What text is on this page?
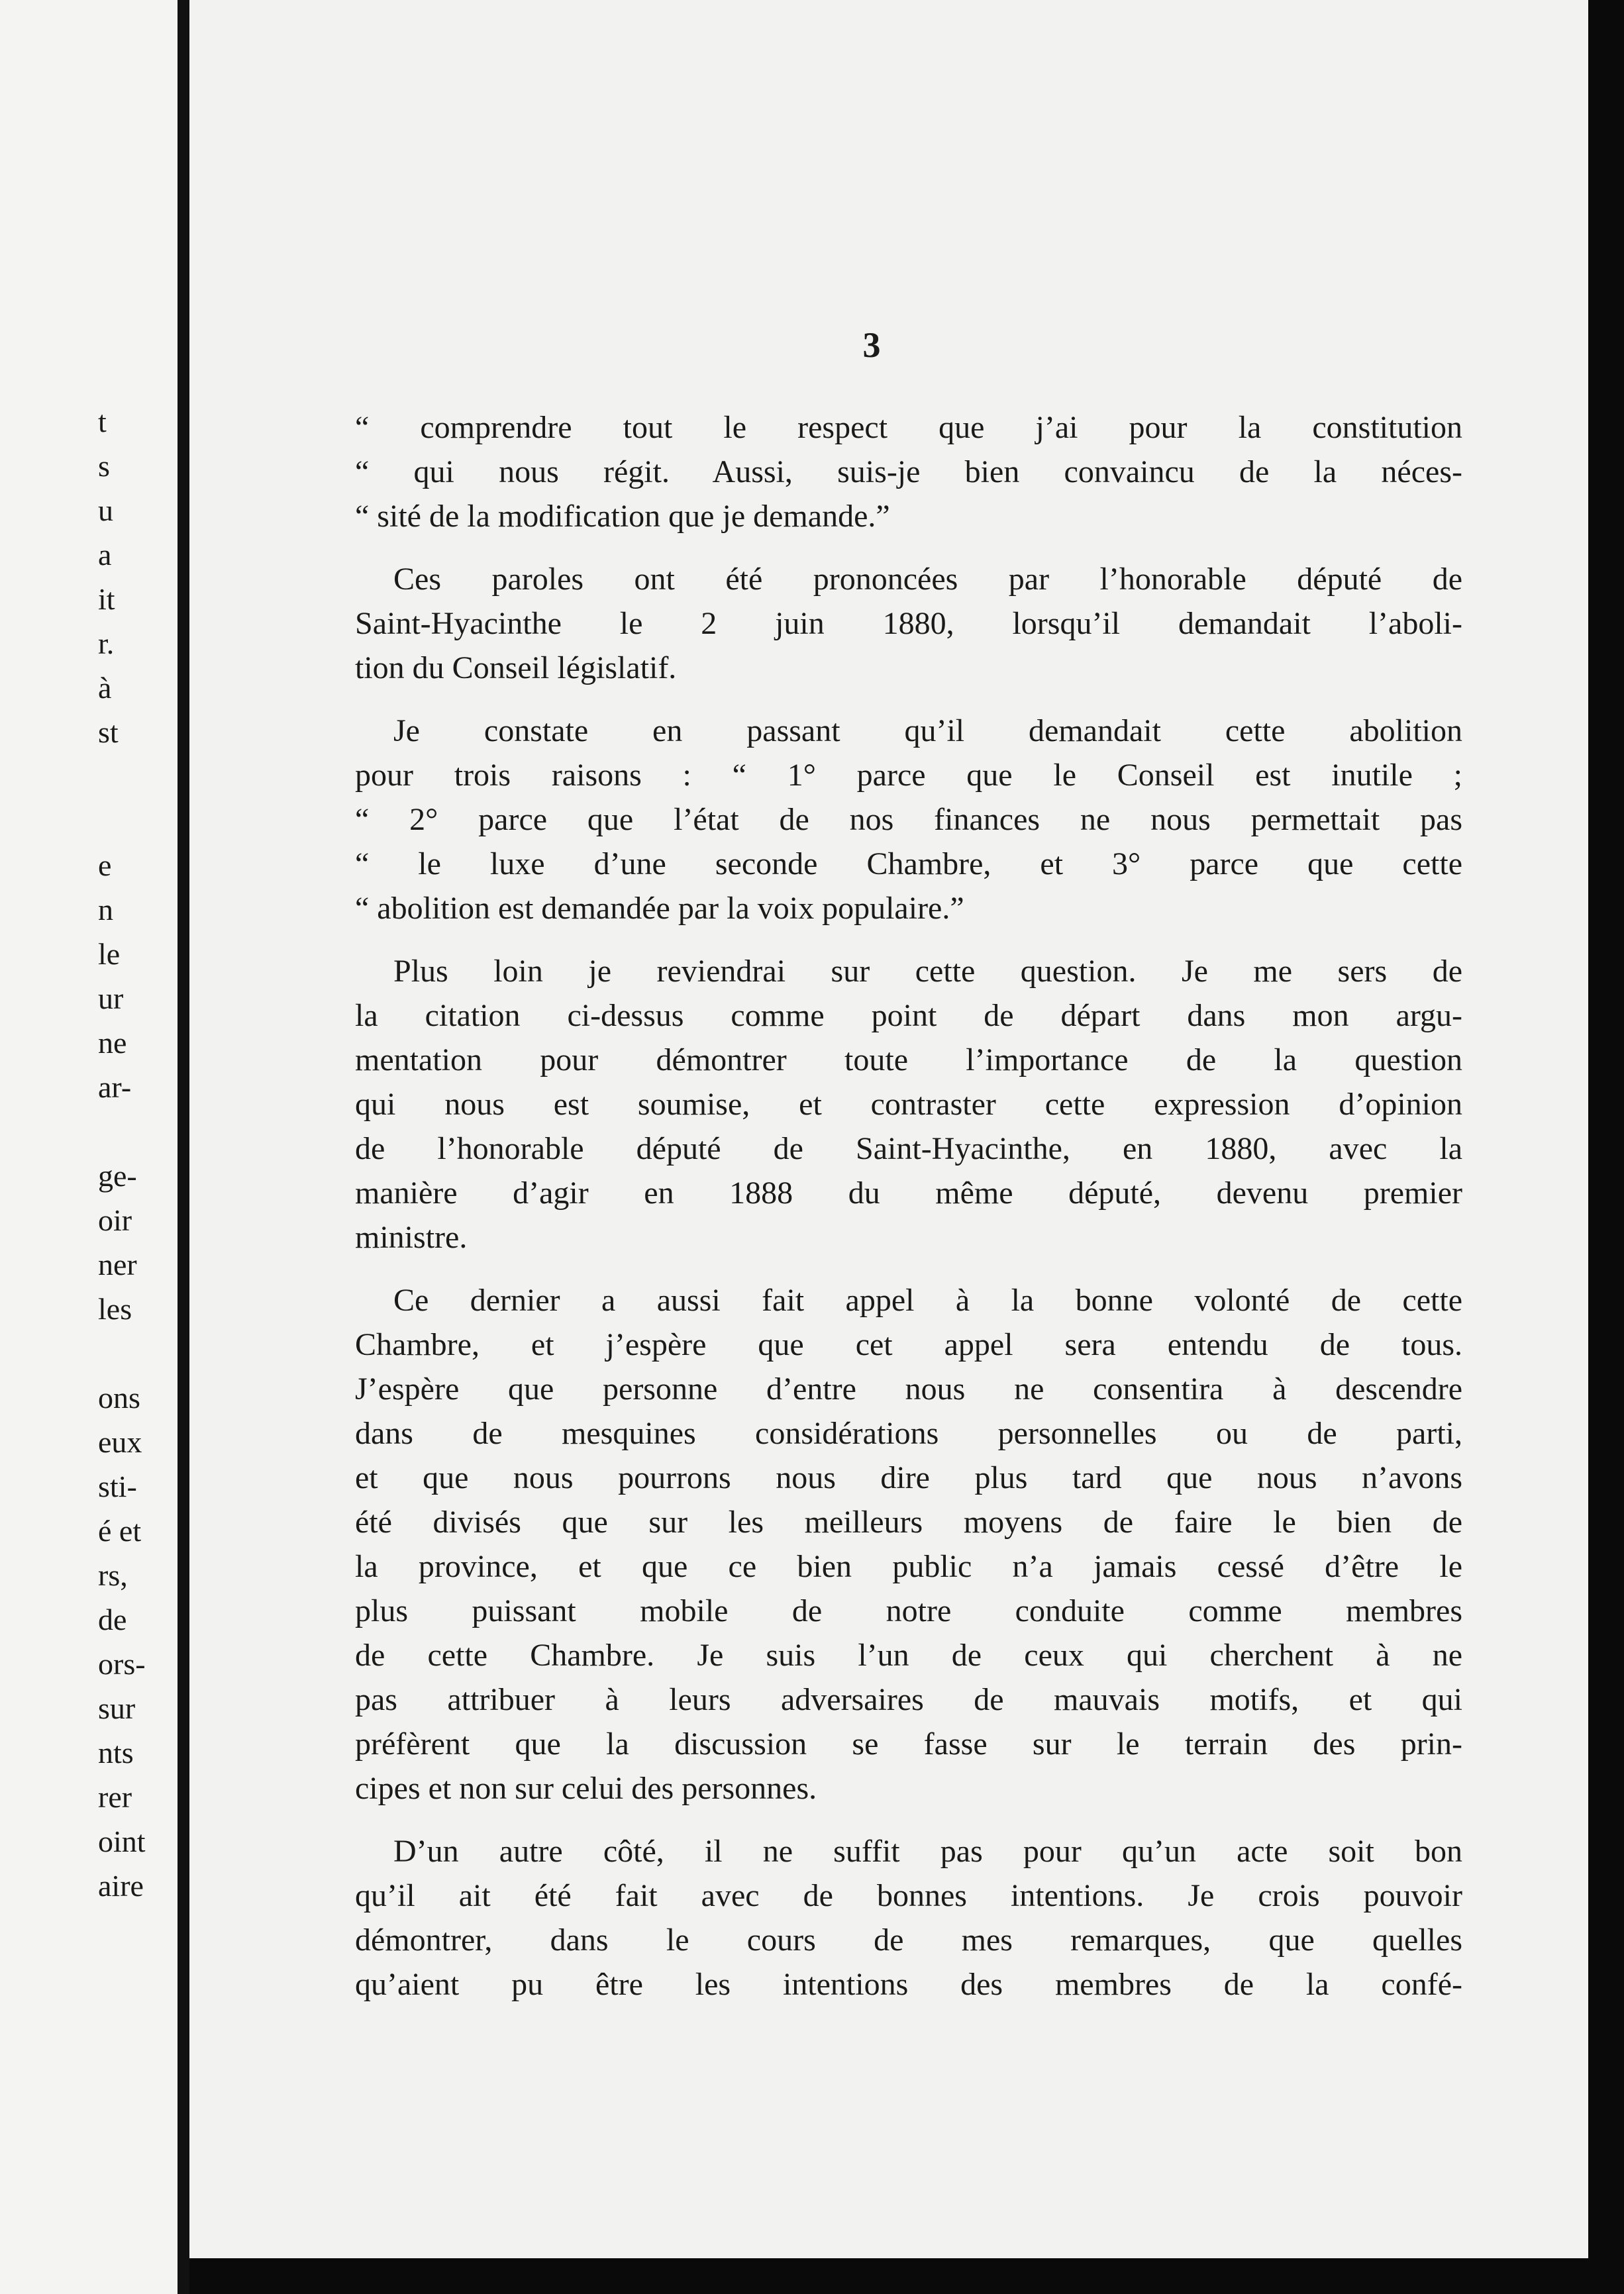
t
s
u
a
it
r.
à
st
e
n
le
ur
ne
ar-
ge-
oir
ner
les
ons
eux
sti-
é et
rs,
de
ors-
sur
nts
rer
oint
aire
3
“ comprendre tout le respect que j’ai pour la constitution
“ qui nous régit. Aussi, suis-je bien convaincu de la néces-
“ sité de la modification que je demande.”
Ces paroles ont été prononcées par l’honorable député de
Saint-Hyacinthe le 2 juin 1880, lorsqu’il demandait l’aboli-
tion du Conseil législatif.
Je constate en passant qu’il demandait cette abolition
pour trois raisons : “ 1° parce que le Conseil est inutile ;
“ 2° parce que l’état de nos finances ne nous permettait pas
“ le luxe d’une seconde Chambre, et 3° parce que cette
“ abolition est demandée par la voix populaire.”
Plus loin je reviendrai sur cette question. Je me sers de
la citation ci-dessus comme point de départ dans mon argu-
mentation pour démontrer toute l’importance de la question
qui nous est soumise, et contraster cette expression d’opinion
de l’honorable député de Saint-Hyacinthe, en 1880, avec la
manière d’agir en 1888 du même député, devenu premier
ministre.
Ce dernier a aussi fait appel à la bonne volonté de cette
Chambre, et j’espère que cet appel sera entendu de tous.
J’espère que personne d’entre nous ne consentira à descendre
dans de mesquines considérations personnelles ou de parti,
et que nous pourrons nous dire plus tard que nous n’avons
été divisés que sur les meilleurs moyens de faire le bien de
la province, et que ce bien public n’a jamais cessé d’être le
plus puissant mobile de notre conduite comme membres
de cette Chambre. Je suis l’un de ceux qui cherchent à ne
pas attribuer à leurs adversaires de mauvais motifs, et qui
préfèrent que la discussion se fasse sur le terrain des prin-
cipes et non sur celui des personnes.
D’un autre côté, il ne suffit pas pour qu’un acte soit bon
qu’il ait été fait avec de bonnes intentions. Je crois pouvoir
démontrer, dans le cours de mes remarques, que quelles
qu’aient pu être les intentions des membres de la confé-
